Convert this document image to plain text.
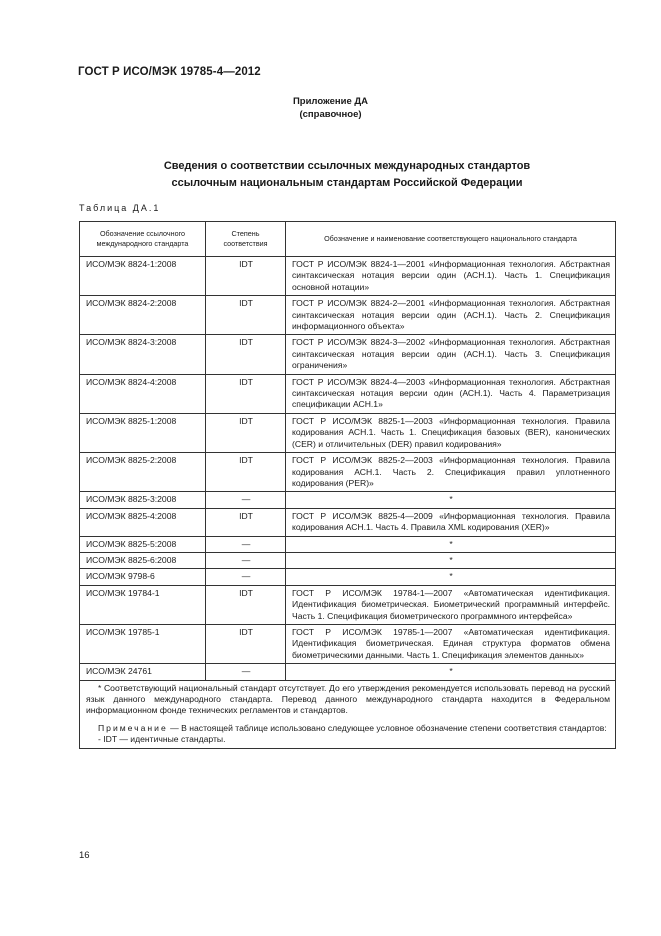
ГОСТ Р ИСО/МЭК 19785-4—2012
Приложение ДА
(справочное)
Сведения о соответствии ссылочных международных стандартов
ссылочным национальным стандартам Российской Федерации
Таблица ДА.1
Обозначение ссылочного международного стандарта	Степень соответствия	Обозначение и наименование соответствующего национального стандарта
ИСО/МЭК 8824-1:2008	IDT	ГОСТ Р ИСО/МЭК 8824-1—2001 «Информационная технология. Абстрактная синтаксическая нотация версии один (АСН.1). Часть 1. Спецификация основной нотации»
ИСО/МЭК 8824-2:2008	IDT	ГОСТ Р ИСО/МЭК 8824-2—2001 «Информационная технология. Абстрактная синтаксическая нотация версии один (АСН.1). Часть 2. Спецификация информационного объекта»
ИСО/МЭК 8824-3:2008	IDT	ГОСТ Р ИСО/МЭК 8824-3—2002 «Информационная технология. Абстрактная синтаксическая нотация версии один (АСН.1). Часть 3. Спецификация ограничения»
ИСО/МЭК 8824-4:2008	IDT	ГОСТ Р ИСО/МЭК 8824-4—2003 «Информационная технология. Абстрактная синтаксическая нотация версии один (АСН.1). Часть 4. Параметризация спецификации АСН.1»
ИСО/МЭК 8825-1:2008	IDT	ГОСТ Р ИСО/МЭК 8825-1—2003 «Информационная технология. Правила кодирования АСН.1. Часть 1. Спецификация базовых (BER), канонических (CER) и отличительных (DER) правил кодирования»
ИСО/МЭК 8825-2:2008	IDT	ГОСТ Р ИСО/МЭК 8825-2—2003 «Информационная технология. Правила кодирования АСН.1. Часть 2. Спецификация правил уплотненного кодирования (PER)»
ИСО/МЭК 8825-3:2008	—	*
ИСО/МЭК 8825-4:2008	IDT	ГОСТ Р ИСО/МЭК 8825-4—2009 «Информационная технология. Правила кодирования АСН.1. Часть 4. Правила XML кодирования (XER)»
ИСО/МЭК 8825-5:2008	—	*
ИСО/МЭК 8825-6:2008	—	*
ИСО/МЭК 9798-6	—	*
ИСО/МЭК 19784-1	IDT	ГОСТ Р ИСО/МЭК 19784-1—2007 «Автоматическая идентификация. Идентификация биометрическая. Биометрический программный интерфейс. Часть 1. Спецификация биометрического программного интерфейса»
ИСО/МЭК 19785-1	IDT	ГОСТ Р ИСО/МЭК 19785-1—2007 «Автоматическая идентификация. Идентификация биометрическая. Единая структура форматов обмена биометрическими данными. Часть 1. Спецификация элементов данных»
ИСО/МЭК 24761	—	*

* Соответствующий национальный стандарт отсутствует. До его утверждения рекомендуется использовать перевод на русский язык данного международного стандарта. Перевод данного международного стандарта находится в Федеральном информационном фонде технических регламентов и стандартов.

Примечание — В настоящей таблице использовано следующее условное обозначение степени соответствия стандартов:

- IDT — идентичные стандарты.		

16
